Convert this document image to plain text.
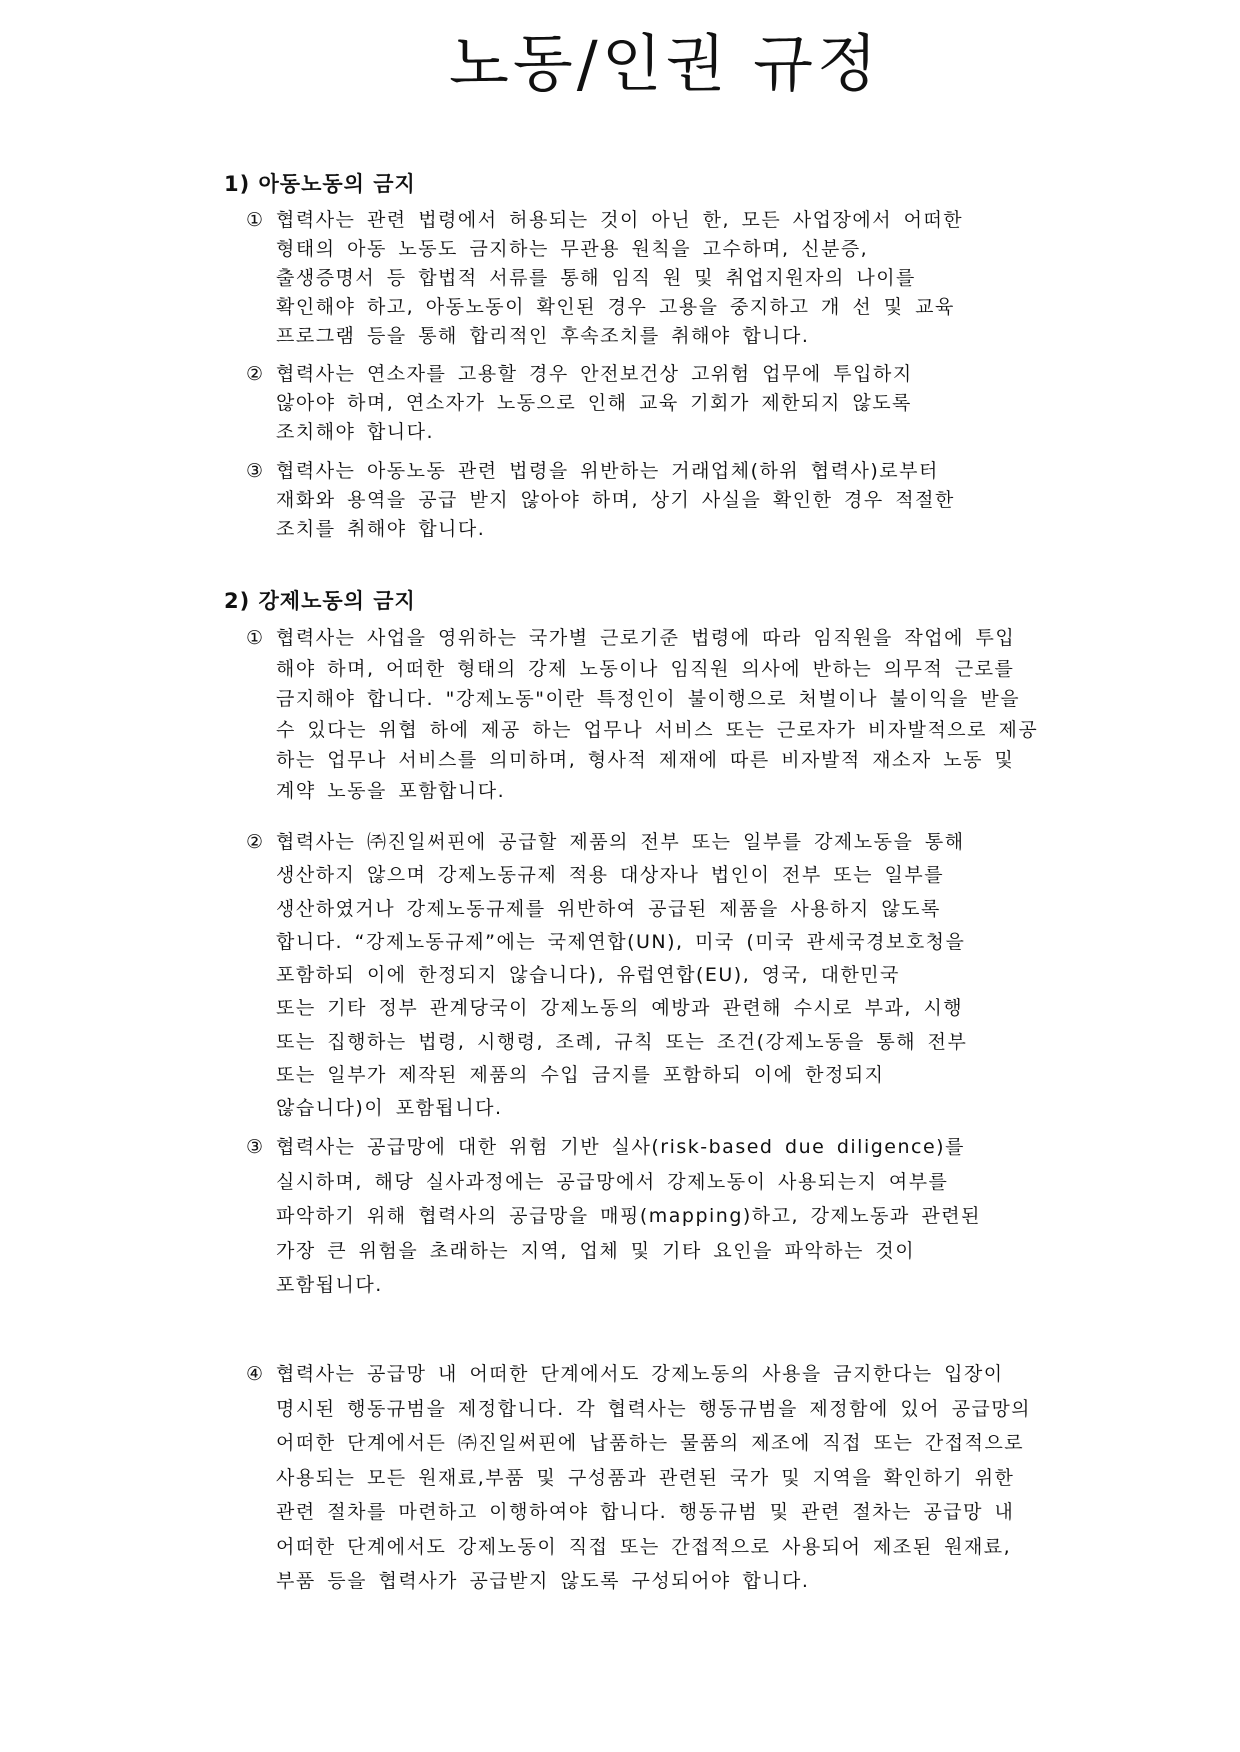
노동/인권 규정
1) 아동노동의 금지
① 협력사는 관련 법령에서 허용되는 것이 아닌 한, 모든 사업장에서 어떠한
형태의 아동 노동도 금지하는 무관용 원칙을 고수하며, 신분증,
출생증명서 등 합법적 서류를 통해 임직 원 및 취업지원자의 나이를
확인해야 하고, 아동노동이 확인된 경우 고용을 중지하고 개 선 및 교육
프로그램 등을 통해 합리적인 후속조치를 취해야 합니다.
② 협력사는 연소자를 고용할 경우 안전보건상 고위험 업무에 투입하지
않아야 하며, 연소자가 노동으로 인해 교육 기회가 제한되지 않도록
조치해야 합니다.
③ 협력사는 아동노동 관련 법령을 위반하는 거래업체(하위 협력사)로부터
재화와 용역을 공급 받지 않아야 하며, 상기 사실을 확인한 경우 적절한
조치를 취해야 합니다.
2) 강제노동의 금지
① 협력사는 사업을 영위하는 국가별 근로기준 법령에 따라 임직원을 작업에 투입
해야 하며, 어떠한 형태의 강제 노동이나 임직원 의사에 반하는 의무적 근로를
금지해야 합니다. "강제노동"이란 특정인이 불이행으로 처벌이나 불이익을 받을
수 있다는 위협 하에 제공 하는 업무나 서비스 또는 근로자가 비자발적으로 제공
하는 업무나 서비스를 의미하며, 형사적 제재에 따른 비자발적 재소자 노동 및
계약 노동을 포함합니다.
② 협력사는 ㈜진일써핀에 공급할 제품의 전부 또는 일부를 강제노동을 통해
생산하지 않으며 강제노동규제 적용 대상자나 법인이 전부 또는 일부를
생산하였거나 강제노동규제를 위반하여 공급된 제품을 사용하지 않도록
합니다. “강제노동규제”에는 국제연합(UN), 미국 (미국 관세국경보호청을
포함하되 이에 한정되지 않습니다), 유럽연합(EU), 영국, 대한민국
또는 기타 정부 관계당국이 강제노동의 예방과 관련해 수시로 부과, 시행
또는 집행하는 법령, 시행령, 조례, 규칙 또는 조건(강제노동을 통해 전부
또는 일부가 제작된 제품의 수입 금지를 포함하되 이에 한정되지
않습니다)이 포함됩니다.
③ 협력사는 공급망에 대한 위험 기반 실사(risk-based due diligence)를
실시하며, 해당 실사과정에는 공급망에서 강제노동이 사용되는지 여부를
파악하기 위해 협력사의 공급망을 매핑(mapping)하고, 강제노동과 관련된
가장 큰 위험을 초래하는 지역, 업체 및 기타 요인을 파악하는 것이
포함됩니다.
④ 협력사는 공급망 내 어떠한 단계에서도 강제노동의 사용을 금지한다는 입장이
명시된 행동규범을 제정합니다. 각 협력사는 행동규범을 제정함에 있어 공급망의
어떠한 단계에서든 ㈜진일써핀에 납품하는 물품의 제조에 직접 또는 간접적으로
사용되는 모든 원재료,부품 및 구성품과 관련된 국가 및 지역을 확인하기 위한
관련 절차를 마련하고 이행하여야 합니다. 행동규범 및 관련 절차는 공급망 내
어떠한 단계에서도 강제노동이 직접 또는 간접적으로 사용되어 제조된 원재료,
부품 등을 협력사가 공급받지 않도록 구성되어야 합니다.
